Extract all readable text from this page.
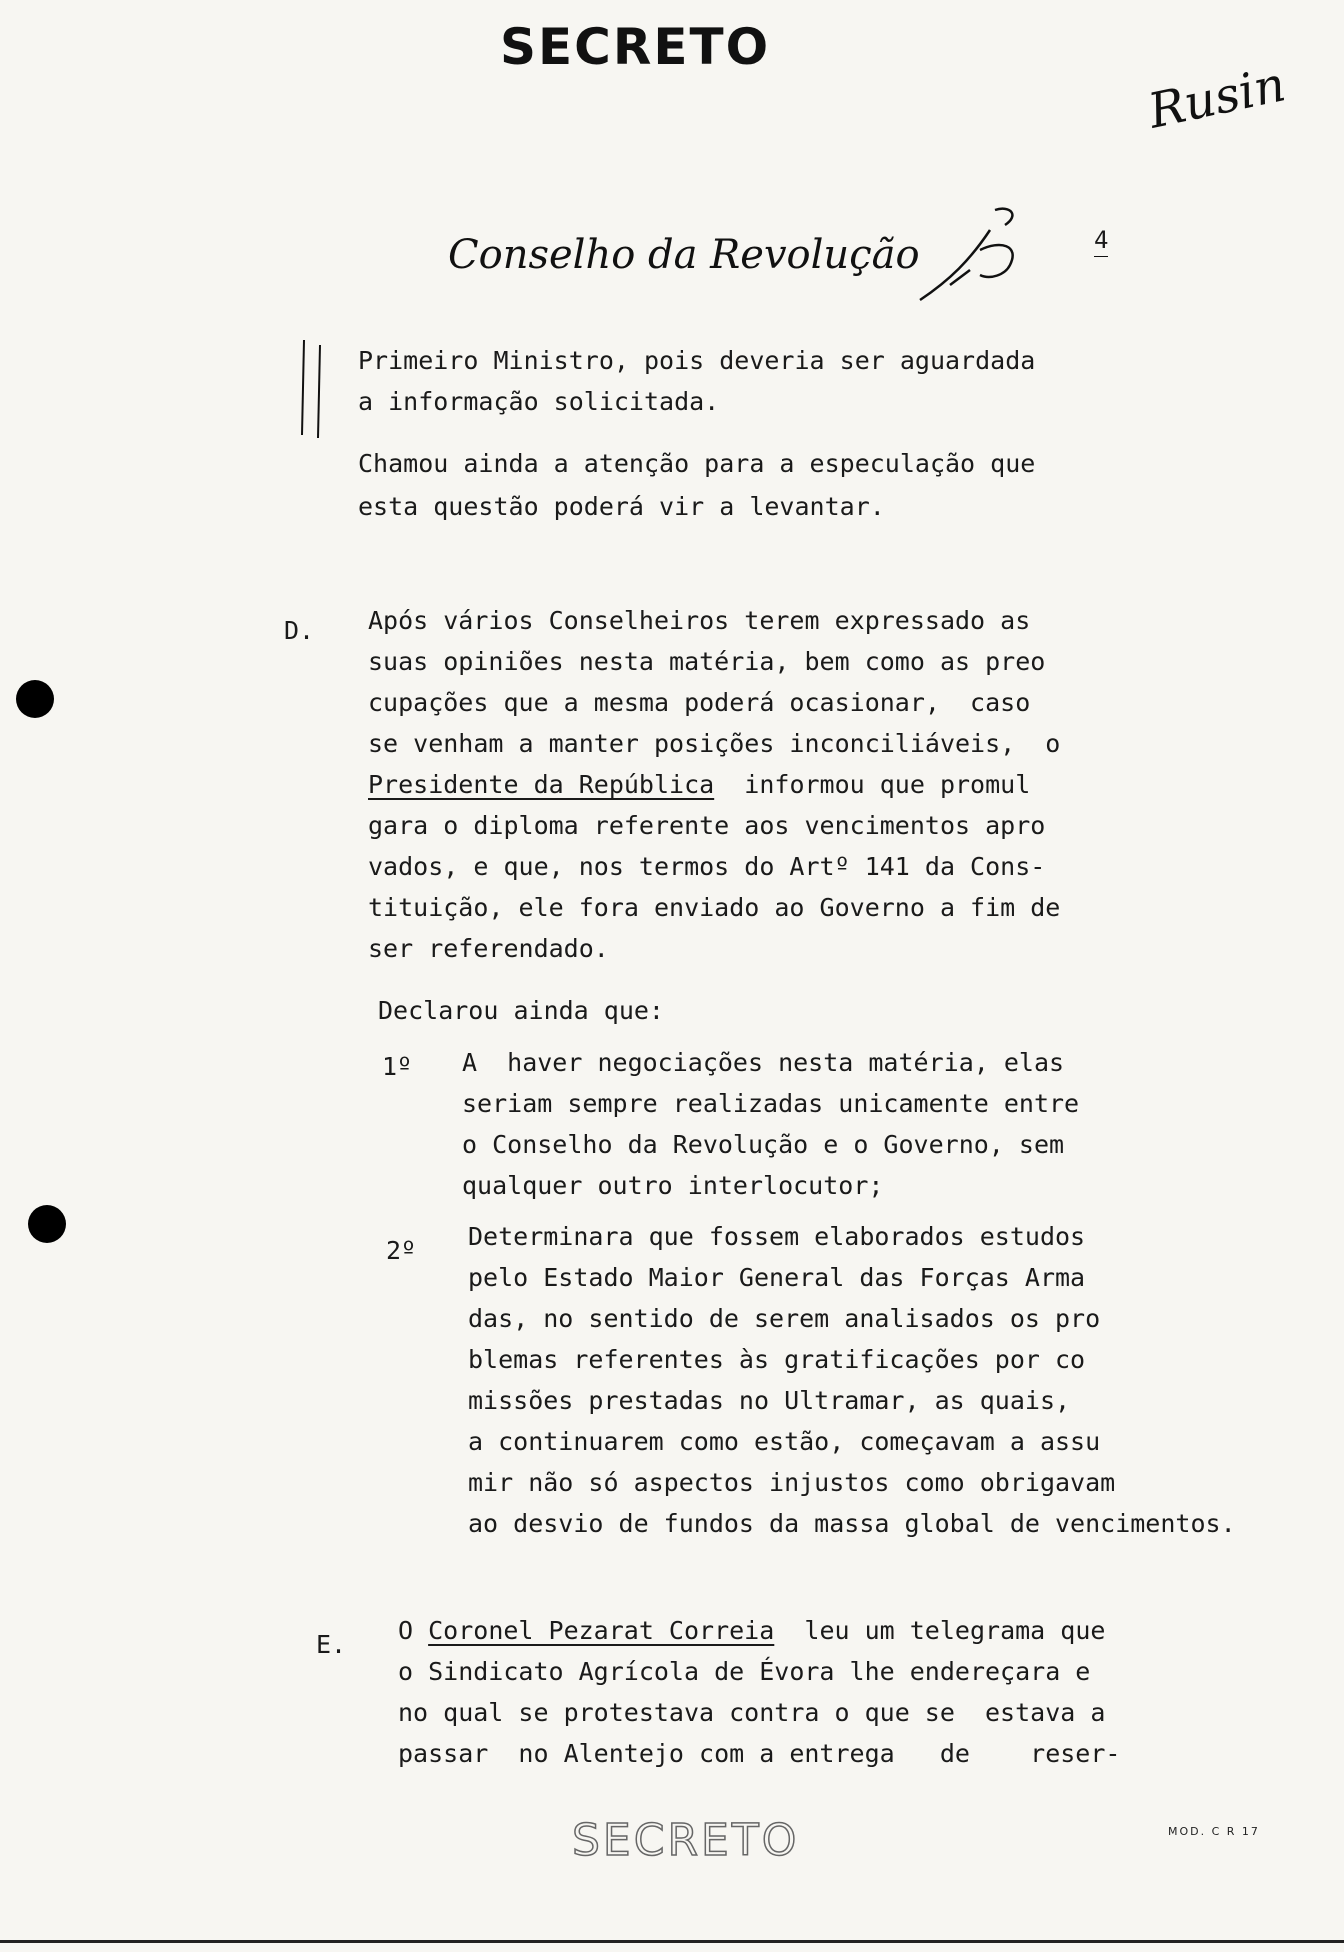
SECRETO
Rusin
Conselho da Revolução	4
Primeiro Ministro, pois deveria ser aguardada
a informação solicitada.
Chamou ainda a atenção para a especulação que
esta questão poderá vir a levantar.
D. Após vários Conselheiros terem expressado as
suas opiniões nesta matéria, bem como as preo
cupações que a mesma poderá ocasionar,  caso
se venham a manter posições inconciliáveis,  o
Presidente da República  informou que promul
gara o diploma referente aos vencimentos apro
vados, e que, nos termos do Artº 141 da Cons-
tituição, ele fora enviado ao Governo a fim de
ser referendado.
Declarou ainda que:
1º A  haver negociações nesta matéria, elas
seriam sempre realizadas unicamente entre
o Conselho da Revolução e o Governo, sem
qualquer outro interlocutor;
2º Determinara que fossem elaborados estudos
pelo Estado Maior General das Forças Arma
das, no sentido de serem analisados os pro
blemas referentes às gratificações por co
missões prestadas no Ultramar, as quais,
a continuarem como estão, começavam a assu
mir não só aspectos injustos como obrigavam
ao desvio de fundos da massa global de vencimentos.
E. O Coronel Pezarat Correia  leu um telegrama que
o Sindicato Agrícola de Évora lhe endereçara e
no qual se protestava contra o que se  estava a
passar  no Alentejo com a entrega   de    reser-
SECRETO	MOD. C R 17
